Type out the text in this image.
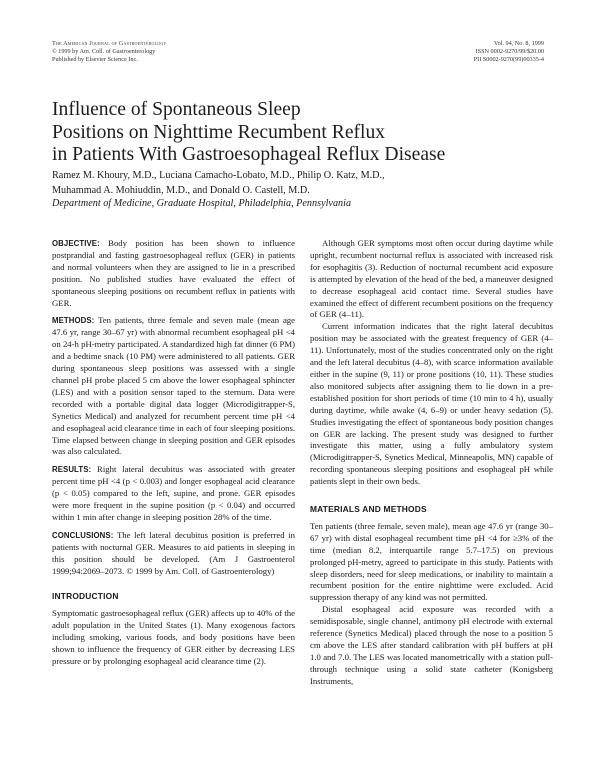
The American Journal of Gastroenterology
© 1999 by Am. Coll. of Gastroenterology
Published by Elsevier Science Inc.
Vol. 94, No. 8, 1999
ISSN 0002-9270/99/$20.00
PII S0002-9270(99)00335-4
Influence of Spontaneous Sleep
Positions on Nighttime Recumbent Reflux
in Patients With Gastroesophageal Reflux Disease
Ramez M. Khoury, M.D., Luciana Camacho-Lobato, M.D., Philip O. Katz, M.D.,
Muhammad A. Mohiuddin, M.D., and Donald O. Castell, M.D.
Department of Medicine, Graduate Hospital, Philadelphia, Pennsylvania

OBJECTIVE: Body position has been shown to influence postprandial and fasting gastroesophageal reflux (GER) in patients and normal volunteers when they are assigned to lie in a prescribed position. No published studies have evaluated the effect of spontaneous sleeping positions on recumbent reflux in patients with GER.

METHODS: Ten patients, three female and seven male (mean age 47.6 yr, range 30–67 yr) with abnormal recumbent esophageal pH <4 on 24-h pH-metry participated. A standardized high fat dinner (6 PM) and a bedtime snack (10 PM) were administered to all patients. GER during spontaneous sleep positions was assessed with a single channel pH probe placed 5 cm above the lower esophageal sphincter (LES) and with a position sensor taped to the sternum. Data were recorded with a portable digital data logger (Microdigitrapper-S, Synetics Medical) and analyzed for recumbent percent time pH <4 and esophageal acid clearance time in each of four sleeping positions. Time elapsed between change in sleeping position and GER episodes was also calculated.

RESULTS: Right lateral decubitus was associated with greater percent time pH <4 (p < 0.003) and longer esophageal acid clearance (p < 0.05) compared to the left, supine, and prone. GER episodes were more frequent in the supine position (p < 0.04) and occurred within 1 min after change in sleeping position 28% of the time.

CONCLUSIONS: The left lateral decubitus position is preferred in patients with nocturnal GER. Measures to aid patients in sleeping in this position should be developed. (Am J Gastroenterol 1999;94:2069–2073. © 1999 by Am. Coll. of Gastroenterology)

INTRODUCTION

Symptomatic gastroesophageal reflux (GER) affects up to 40% of the adult population in the United States (1). Many exogenous factors including smoking, various foods, and body positions have been shown to influence the frequency of GER either by decreasing LES pressure or by prolonging esophageal acid clearance time (2).

Although GER symptoms most often occur during daytime while upright, recumbent nocturnal reflux is associated with increased risk for esophagitis (3). Reduction of nocturnal recumbent acid exposure is attempted by elevation of the head of the bed, a maneuver designed to decrease esophageal acid contact time. Several studies have examined the effect of different recumbent positions on the frequency of GER (4–11).

Current information indicates that the right lateral decubitus position may be associated with the greatest frequency of GER (4–11). Unfortunately, most of the studies concentrated only on the right and the left lateral decubitus (4–8), with scarce information available either in the supine (9, 11) or prone positions (10, 11). These studies also monitored subjects after assigning them to lie down in a pre-established position for short periods of time (10 min to 4 h), usually during daytime, while awake (4, 6–9) or under heavy sedation (5). Studies investigating the effect of spontaneous body position changes on GER are lacking. The present study was designed to further investigate this matter, using a fully ambulatory system (Microdigitrapper-S, Synetics Medical, Minneapolis, MN) capable of recording spontaneous sleeping positions and esophageal pH while patients slept in their own beds.

MATERIALS AND METHODS

Ten patients (three female, seven male), mean age 47.6 yr (range 30–67 yr) with distal esophageal recumbent time pH <4 for ≥3% of the time (median 8.2, interquartile range 5.7–17.5) on previous prolonged pH-metry, agreed to participate in this study. Patients with sleep disorders, need for sleep medications, or inability to maintain a recumbent position for the entire nighttime were excluded. Acid suppression therapy of any kind was not permitted.

Distal esophageal acid exposure was recorded with a semidisposable, single channel, antimony pH electrode with external reference (Synetics Medical) placed through the nose to a position 5 cm above the LES after standard calibration with pH buffers at pH 1.0 and 7.0. The LES was located manometrically with a station pull-through technique using a solid state catheter (Konigsberg Instruments,
